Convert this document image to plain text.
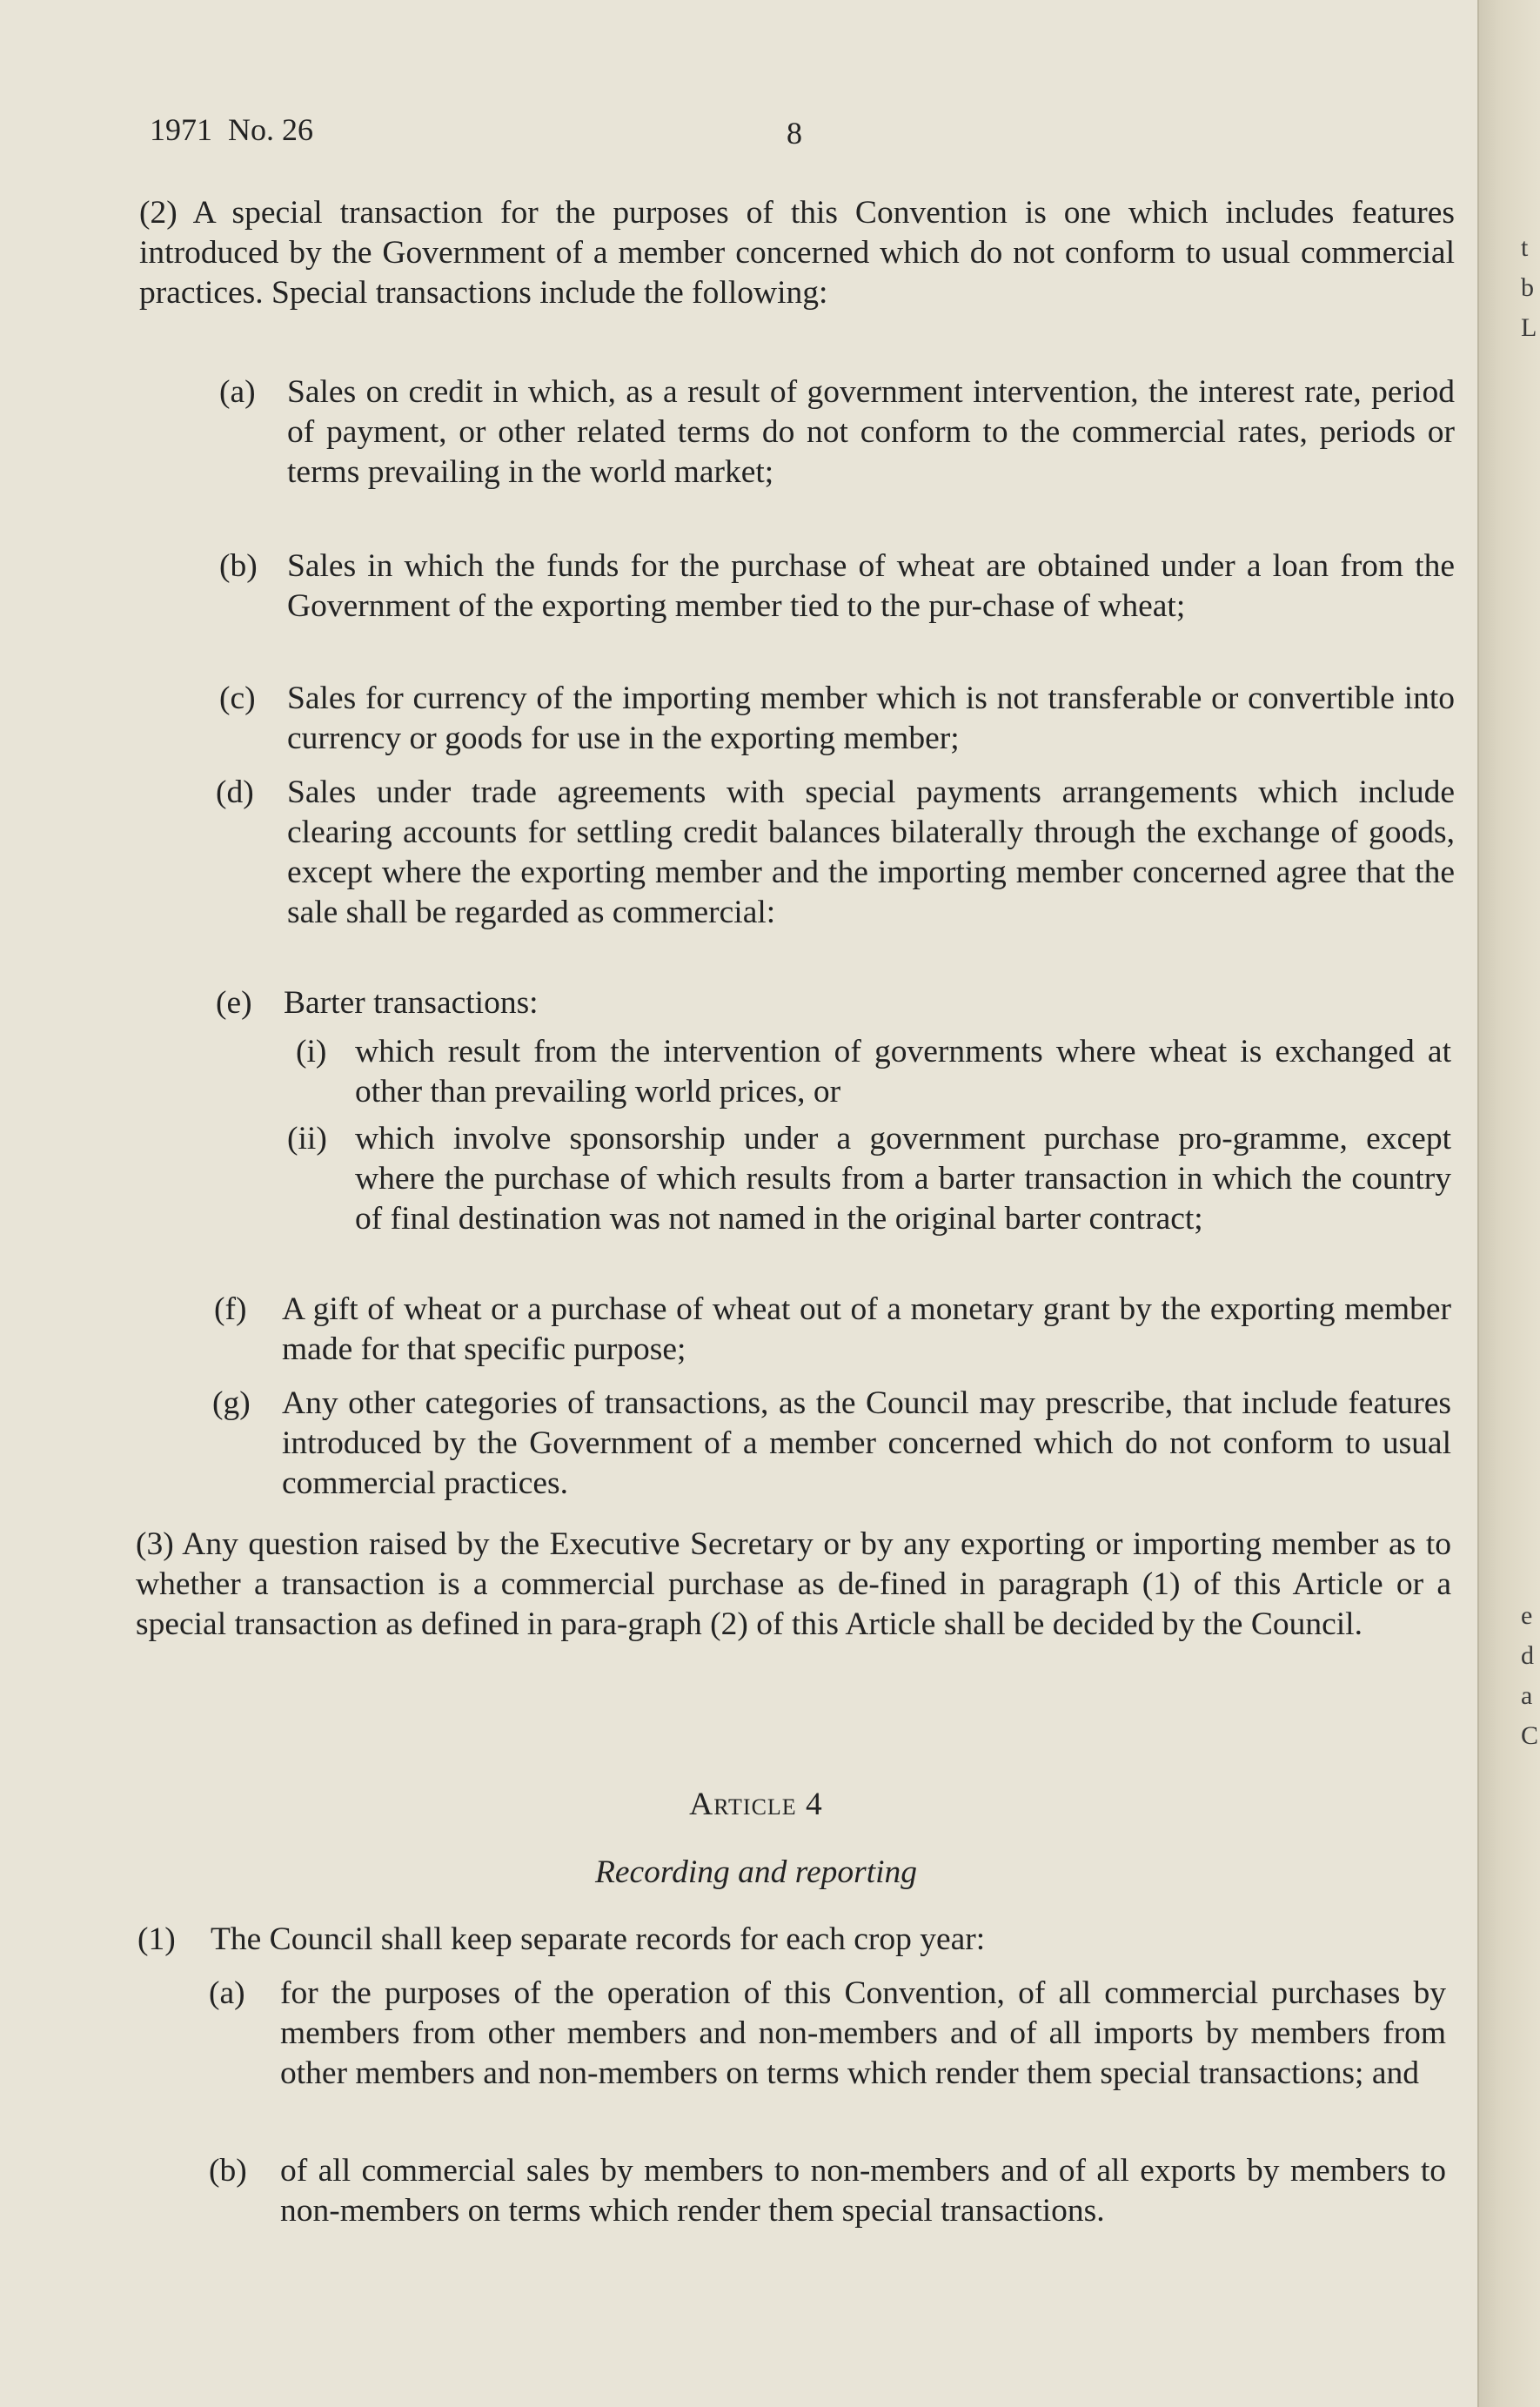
1971  No. 26	8
(2) A special transaction for the purposes of this Convention is one which includes features introduced by the Government of a member concerned which do not conform to usual commercial practices. Special transactions include the following:
(a) Sales on credit in which, as a result of government intervention, the interest rate, period of payment, or other related terms do not conform to the commercial rates, periods or terms prevailing in the world market;
(b) Sales in which the funds for the purchase of wheat are obtained under a loan from the Government of the exporting member tied to the pur-chase of wheat;
(c) Sales for currency of the importing member which is not transferable or convertible into currency or goods for use in the exporting member;
(d) Sales under trade agreements with special payments arrangements which include clearing accounts for settling credit balances bilaterally through the exchange of goods, except where the exporting member and the importing member concerned agree that the sale shall be regarded as commercial:
(e) Barter transactions:
(i) which result from the intervention of governments where wheat is exchanged at other than prevailing world prices, or
(ii) which involve sponsorship under a government purchase pro-gramme, except where the purchase of which results from a barter transaction in which the country of final destination was not named in the original barter contract;
(f) A gift of wheat or a purchase of wheat out of a monetary grant by the exporting member made for that specific purpose;
(g) Any other categories of transactions, as the Council may prescribe, that include features introduced by the Government of a member concerned which do not conform to usual commercial practices.
(3) Any question raised by the Executive Secretary or by any exporting or importing member as to whether a transaction is a commercial purchase as de-fined in paragraph (1) of this Article or a special transaction as defined in para-graph (2) of this Article shall be decided by the Council.
Article 4
Recording and reporting
(1) The Council shall keep separate records for each crop year:
(a) for the purposes of the operation of this Convention, of all commercial purchases by members from other members and non-members and of all imports by members from other members and non-members on terms which render them special transactions; and
(b) of all commercial sales by members to non-members and of all exports by members to non-members on terms which render them special transactions.
t
b
L
e
d
a
C
